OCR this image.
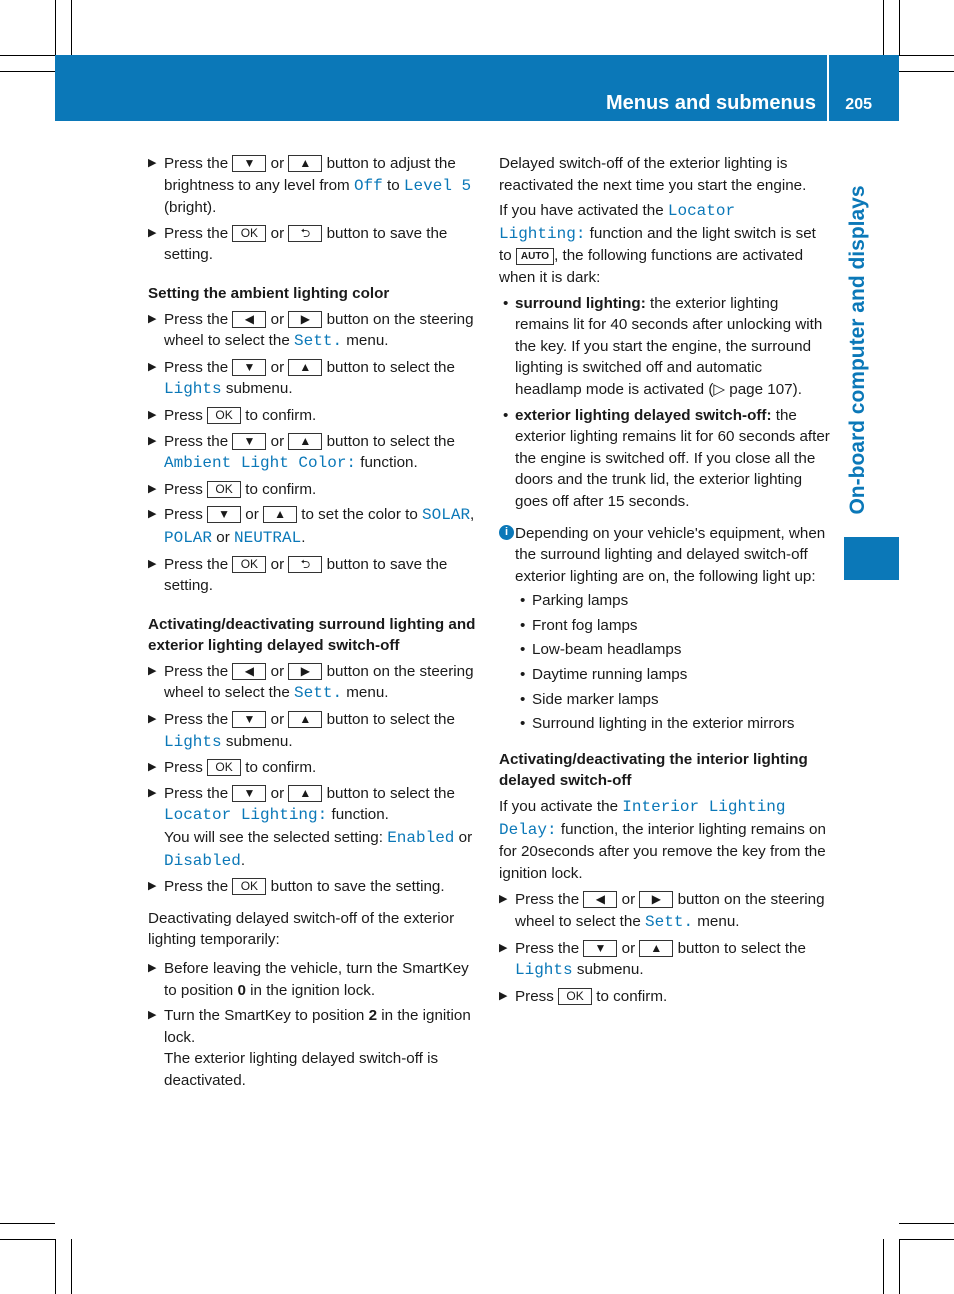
Menus and submenus 205
On-board computer and displays

▶ Press the ▼ or ▲ button to adjust the brightness to any level from Off to Level 5 (bright).

▶ Press the OK or ⮌ button to save the setting.

Setting the ambient lighting color

▶ Press the ◀ or ▶ button on the steering wheel to select the Sett. menu.

▶ Press the ▼ or ▲ button to select the Lights submenu.

▶ Press OK to confirm.

▶ Press the ▼ or ▲ button to select the Ambient Light Color: function.

▶ Press OK to confirm.

▶ Press ▼ or ▲ to set the color to SOLAR, POLAR or NEUTRAL.

▶ Press the OK or ⮌ button to save the setting.

Activating/deactivating surround lighting and exterior lighting delayed switch-off

▶ Press the ◀ or ▶ button on the steering wheel to select the Sett. menu.

▶ Press the ▼ or ▲ button to select the Lights submenu.

▶ Press OK to confirm.

▶ Press the ▼ or ▲ button to select the Locator Lighting: function.
You will see the selected setting: Enabled or Disabled.

▶ Press the OK button to save the setting.

Deactivating delayed switch-off of the exterior lighting temporarily:

▶ Before leaving the vehicle, turn the SmartKey to position 0 in the ignition lock.

▶ Turn the SmartKey to position 2 in the ignition lock.
The exterior lighting delayed switch-off is deactivated.

Delayed switch-off of the exterior lighting is reactivated the next time you start the engine.

If you have activated the Locator Lighting: function and the light switch is set to AUTO , the following functions are activated when it is dark:

• surround lighting: the exterior lighting remains lit for 40 seconds after unlocking with the key. If you start the engine, the surround lighting is switched off and automatic headlamp mode is activated (▷ page 107).

• exterior lighting delayed switch-off: the exterior lighting remains lit for 60 seconds after the engine is switched off. If you close all the doors and the trunk lid, the exterior lighting goes off after 15 seconds.

i Depending on your vehicle's equipment, when the surround lighting and delayed switch-off exterior lighting are on, the following light up:

• Parking lamps

• Front fog lamps

• Low-beam headlamps

• Daytime running lamps

• Side marker lamps

• Surround lighting in the exterior mirrors

Activating/deactivating the interior lighting delayed switch-off

If you activate the Interior Lighting Delay: function, the interior lighting remains on for 20seconds after you remove the key from the ignition lock.

▶ Press the ◀ or ▶ button on the steering wheel to select the Sett. menu.

▶ Press the ▼ or ▲ button to select the Lights submenu.

▶ Press OK to confirm.
